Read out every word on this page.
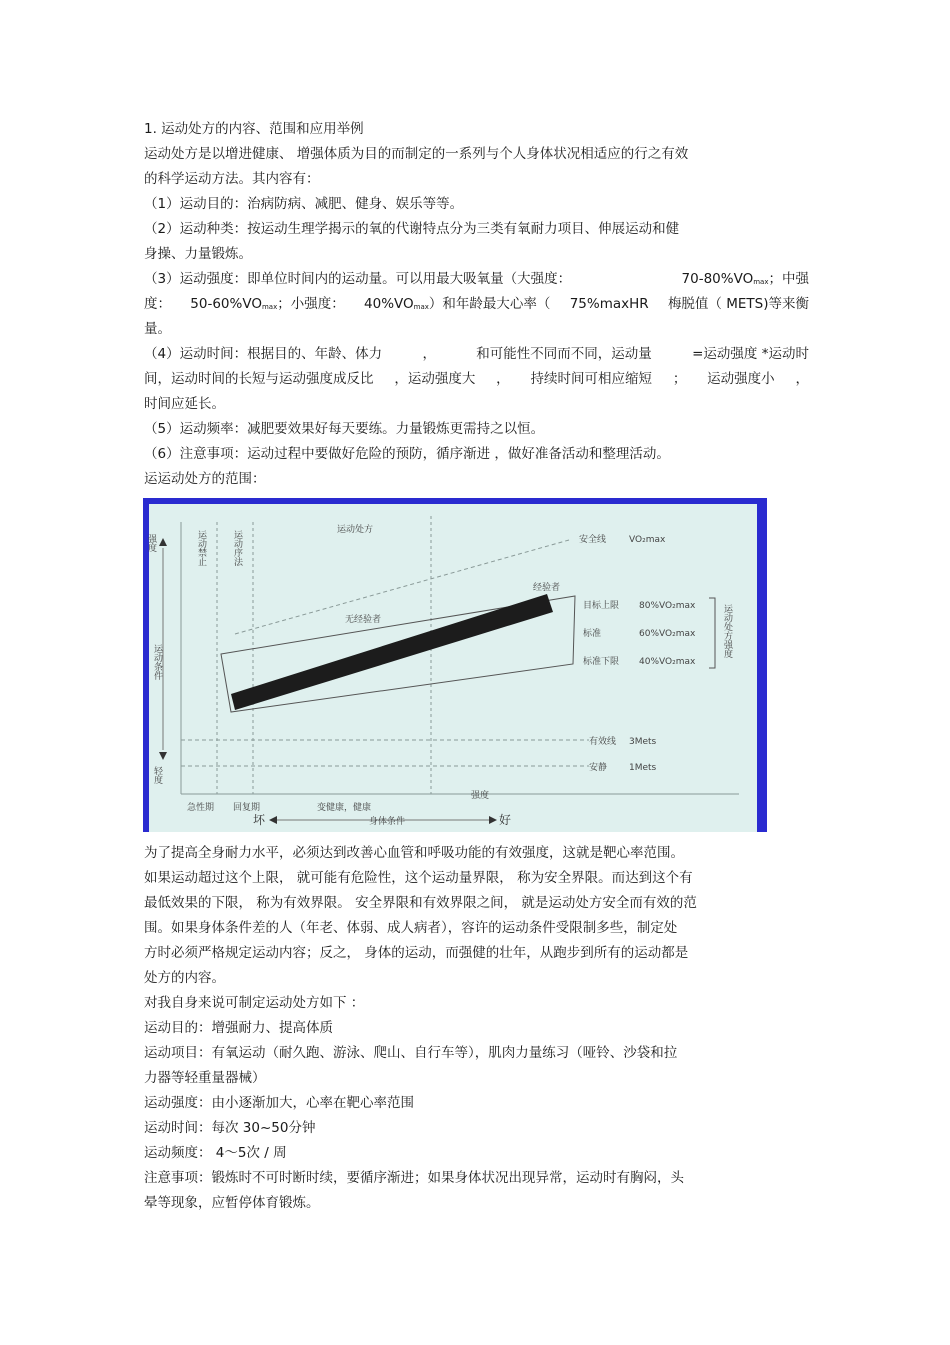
1. 运动处方的内容、范围和应用举例
运动处方是以增进健康、 增强体质为目的而制定的一系列与个人身体状况相适应的行之有效
的科学运动方法。其内容有：
（1）运动目的：治病防病、减肥、健身、娱乐等等。
（2）运动种类：按运动生理学揭示的氧的代谢特点分为三类有氧耐力项目、伸展运动和健
身操、力量锻炼。
（3）运动强度：即单位时间内的运动量。可以用最大吸氧量（大强度：	$70-80\%VO_{max}$；中强
度： $50-60\%VO_{max}$；小强度： $40\%VO_{max}$）和年龄最大心率（ 75%maxHR 梅脱值（ METS)等来衡
量。
（4）运动时间：根据目的、年龄、体力	，	和可能性不同而不同，运动量	=运动强度 *运动时
间，运动时间的长短与运动强度成反比 ，运动强度大 ， 持续时间可相应缩短 ； 运动强度小 ，
时间应延长。
（5）运动频率：减肥要效果好每天要练。力量锻炼更需持之以恒。
（6）注意事项：运动过程中要做好危险的预防，循序渐进 ，做好准备活动和整理活动。
运运动处方的范围：
运动处方
经验者
无经验者
安全线	VO₂max
目标上限 80%VO₂max
标准	60%VO₂max
标准下限 40%VO₂max
有效线 3Mets
安静 1Mets
急性期 回复期	变健康，健康
强度
身体条件
坏	好
强度
运动条件
轻度
运动禁止	运动序法
运动处方强度
为了提高全身耐力水平，必须达到改善心血管和呼吸功能的有效强度，这就是靶心率范围。
如果运动超过这个上限， 就可能有危险性，这个运动量界限， 称为安全界限。而达到这个有
最低效果的下限， 称为有效界限。 安全界限和有效界限之间， 就是运动处方安全而有效的范
围。如果身体条件差的人（年老、体弱、成人病者），容许的运动条件受限制多些，制定处
方时必须严格规定运动内容；反之， 身体的运动，而强健的壮年，从跑步到所有的运动都是
处方的内容。
对我自身来说可制定运动处方如下 ：
运动目的：增强耐力、提高体质
运动项目：有氧运动（耐久跑、游泳、爬山、自行车等），肌肉力量练习（哑铃、沙袋和拉
力器等轻重量器械）
运动强度：由小逐渐加大，心率在靶心率范围
运动时间：每次 30~50分钟
运动频度： 4～5次 / 周
注意事项：锻炼时不可时断时续，要循序渐进；如果身体状况出现异常，运动时有胸闷，头
晕等现象，应暂停体育锻炼。
